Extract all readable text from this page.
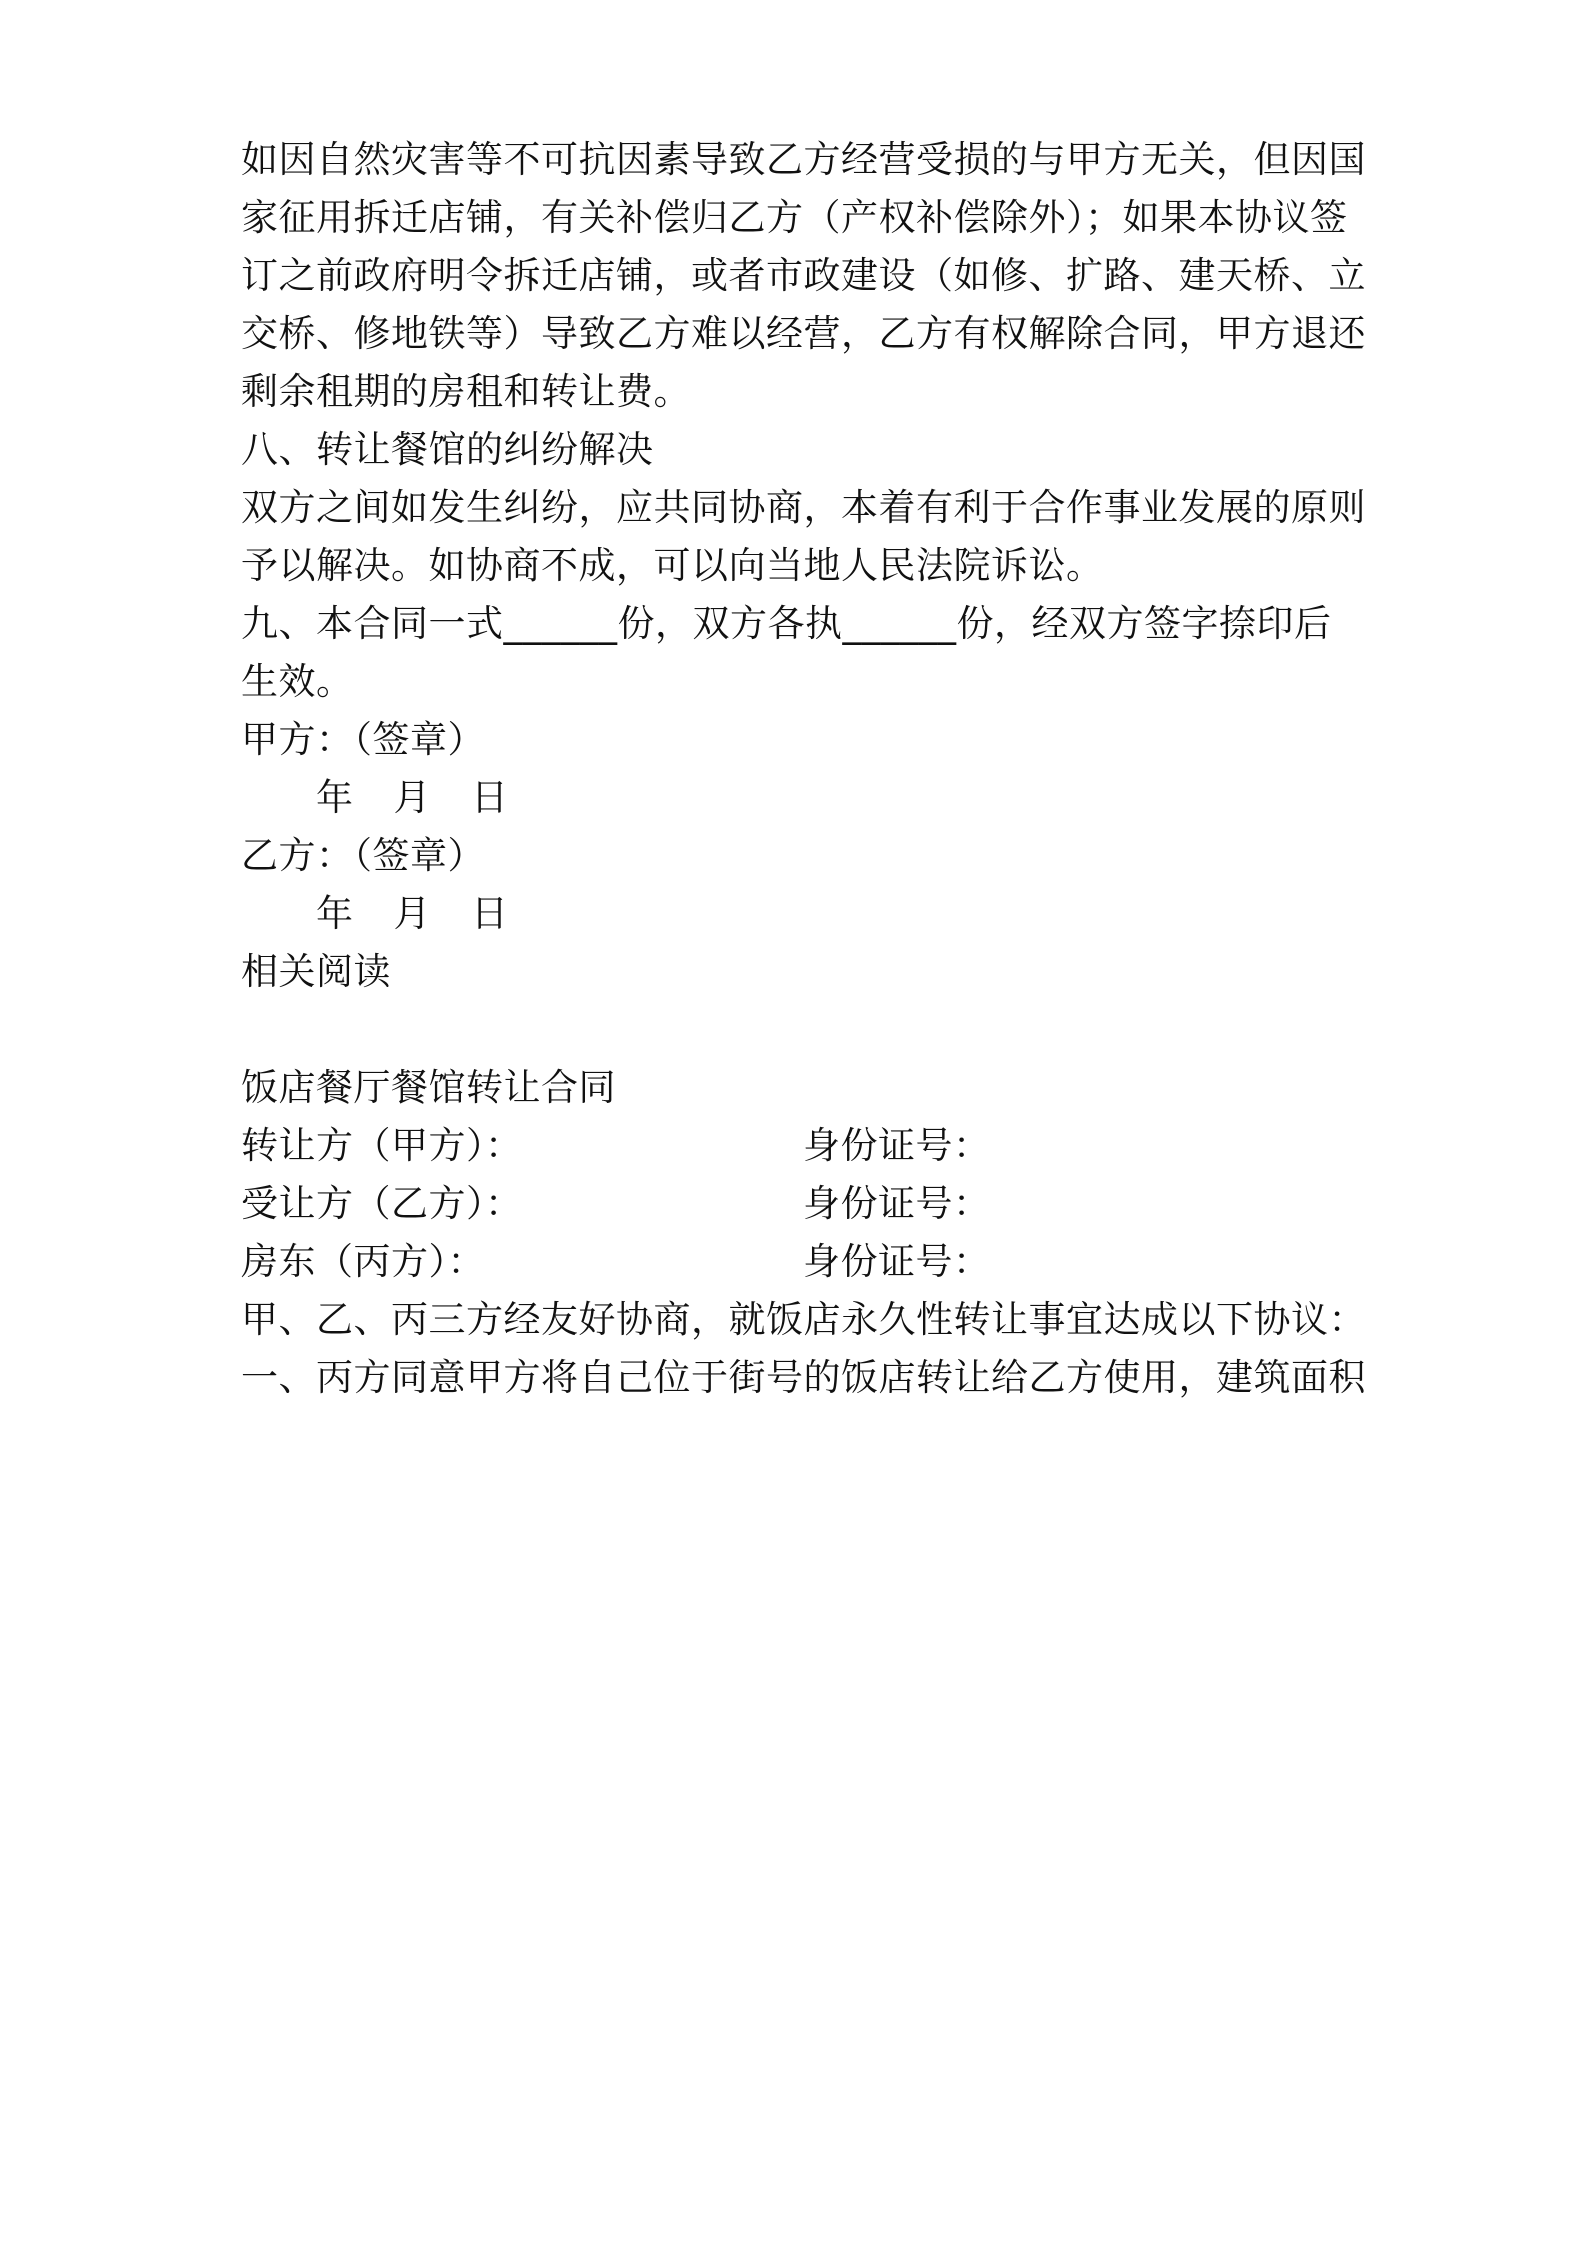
如因自然灾害等不可抗因素导致乙方经营受损的与甲方无关，但因国
家征用拆迁店铺，有关补偿归乙方（产权补偿除外）；如果本协议签
订之前政府明令拆迁店铺，或者市政建设（如修、扩路、建天桥、立
交桥、修地铁等）导致乙方难以经营，乙方有权解除合同，甲方退还
剩余租期的房租和转让费。
八、转让餐馆的纠纷解决
双方之间如发生纠纷，应共同协商，本着有利于合作事业发展的原则
予以解决。如协商不成，可以向当地人民法院诉讼。
九、本合同一式______份，双方各执______份，经双方签字捺印后
生效。
甲方：（签章）
年 月 日
乙方：（签章）
年 月 日
相关阅读
饭店餐厅餐馆转让合同
转让方（甲方）：	身份证号：
受让方（乙方）：	身份证号：
房东（丙方）：	身份证号：
甲、乙、丙三方经友好协商，就饭店永久性转让事宜达成以下协议：
一、丙方同意甲方将自己位于街号的饭店转让给乙方使用，建筑面积
